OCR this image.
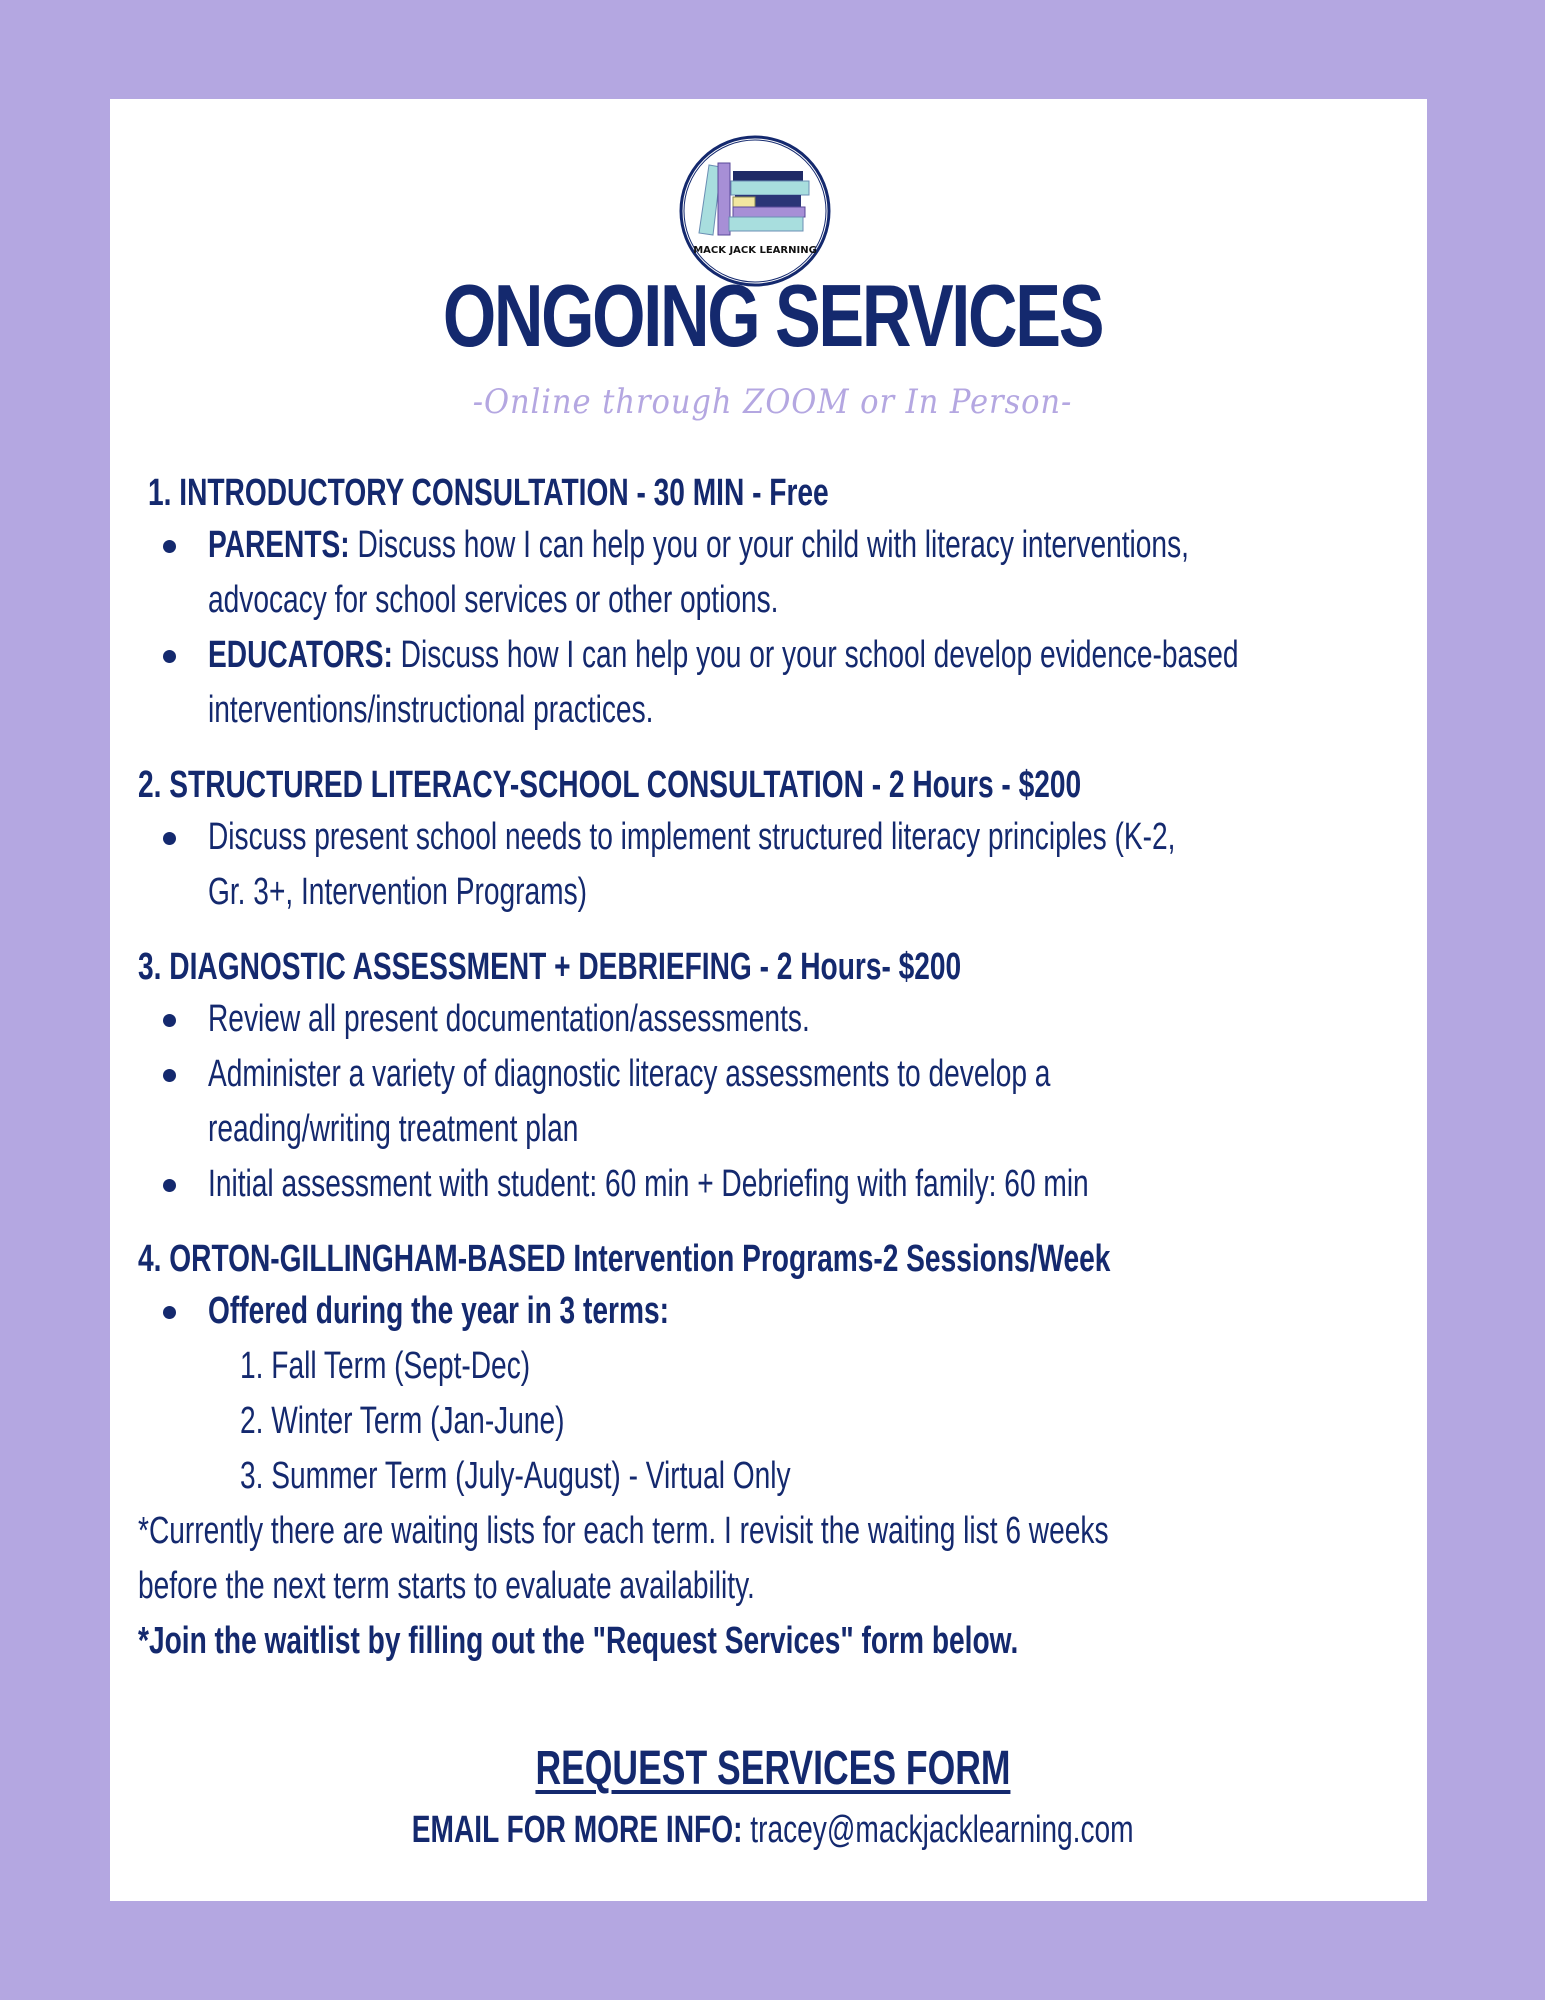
MACK JACK LEARNING
ONGOING SERVICES
-Online through ZOOM or In Person-
1. INTRODUCTORY CONSULTATION - 30 MIN - Free
PARENTS: Discuss how I can help you or your child with literacy interventions,
advocacy for school services or other options.
EDUCATORS: Discuss how I can help you or your school develop evidence-based
interventions/instructional practices.
2. STRUCTURED LITERACY-SCHOOL CONSULTATION - 2 Hours - $200
Discuss present school needs to implement structured literacy principles (K-2,
Gr. 3+, Intervention Programs)
3. DIAGNOSTIC ASSESSMENT + DEBRIEFING - 2 Hours- $200
Review all present documentation/assessments.
Administer a variety of diagnostic literacy assessments to develop a
reading/writing treatment plan
Initial assessment with student: 60 min + Debriefing with family: 60 min
4. ORTON-GILLINGHAM-BASED Intervention Programs-2 Sessions/Week
Offered during the year in 3 terms:
1. Fall Term (Sept-Dec)
2. Winter Term (Jan-June)
3. Summer Term (July-August) - Virtual Only
*Currently there are waiting lists for each term. I revisit the waiting list 6 weeks
before the next term starts to evaluate availability.
*Join the waitlist by filling out the "Request Services" form below.
REQUEST SERVICES FORM
EMAIL FOR MORE INFO: tracey@mackjacklearning.com
